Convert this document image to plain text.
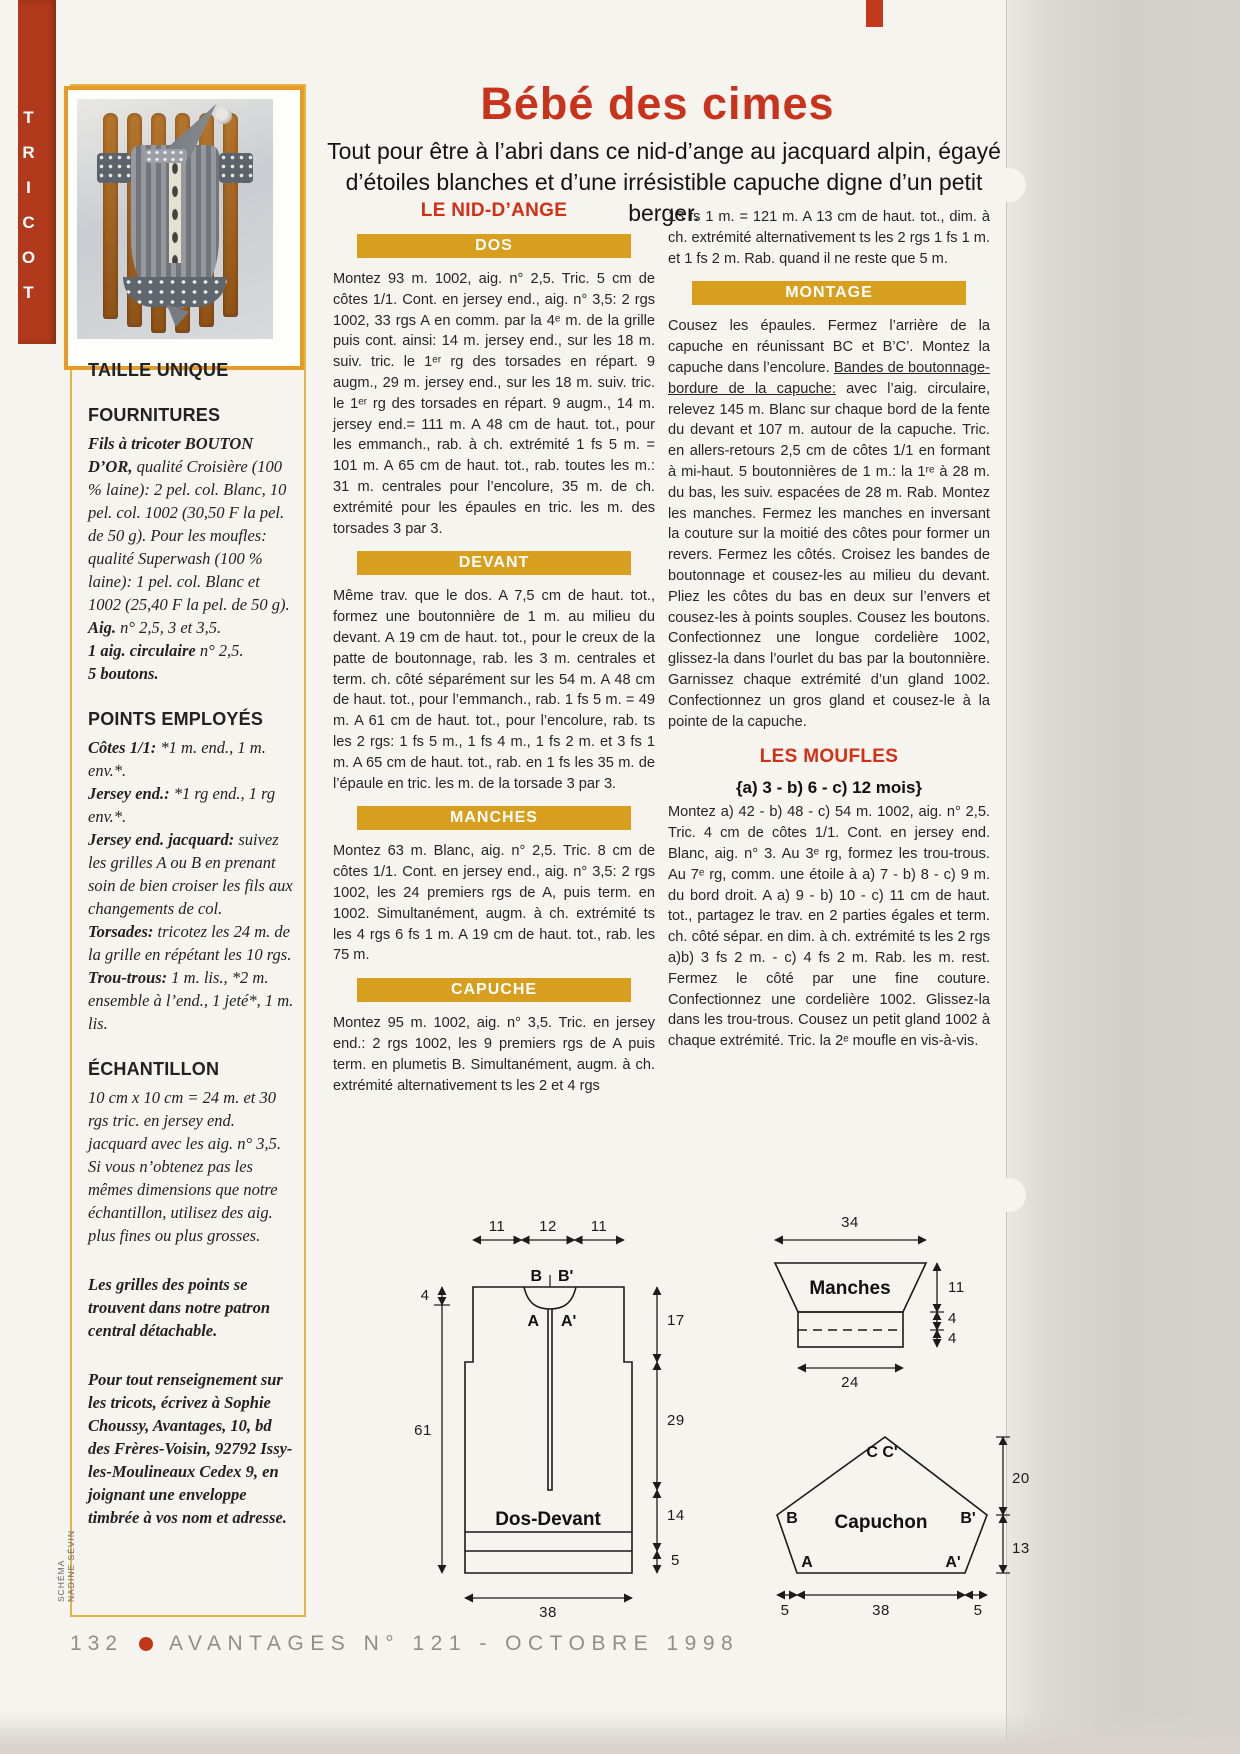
TRICOT
TAILLE UNIQUE
FOURNITURES

Fils à tricoter BOUTON D’OR, qualité Croisière (100 % laine): 2 pel. col. Blanc, 10 pel. col. 1002 (30,50 F la pel. de 50 g). Pour les moufles: qualité Superwash (100 % laine): 1 pel. col. Blanc et 1002 (25,40 F la pel. de 50 g).

Aig. n° 2,5, 3 et 3,5.

1 aig. circulaire n° 2,5.

5 boutons.

POINTS EMPLOYÉS

Côtes 1/1: *1 m. end., 1 m. env.*.

Jersey end.: *1 rg end., 1 rg env.*.

Jersey end. jacquard: suivez les grilles A ou B en prenant soin de bien croiser les fils aux changements de col.

Torsades: tricotez les 24 m. de la grille en répétant les 10 rgs.

Trou-trous: 1 m. lis., *2 m. ensemble à l’end., 1 jeté*, 1 m. lis.

ÉCHANTILLON

10 cm x 10 cm = 24 m. et 30 rgs tric. en jersey end. jacquard avec les aig. n° 3,5. Si vous n’obtenez pas les mêmes dimensions que notre échantillon, utilisez des aig. plus fines ou plus grosses.

Les grilles des points se trouvent dans notre patron central détachable.

Pour tout renseignement sur les tricots, écrivez à Sophie Choussy, Avantages, 10, bd des Frères-Voisin, 92792 Issy-les-Moulineaux Cedex 9, en joignant une enveloppe timbrée à vos nom et adresse.

SCHÉMA NADINE SÉVIN
Bébé des cimes
Tout pour être à l’abri dans ce nid-d’ange au jacquard alpin, égayé
d’étoiles blanches et d’une irrésistible capuche digne d’un petit berger.
LE NID-D’ANGE
DOS

Montez 93 m. 1002, aig. n° 2,5. Tric. 5 cm de côtes 1/1. Cont. en jersey end., aig. n° 3,5: 2 rgs 1002, 33 rgs A en comm. par la 4ᵉ m. de la grille puis cont. ainsi: 14 m. jersey end., sur les 18 m. suiv. tric. le 1ᵉʳ rg des torsades en répart. 9 augm., 29 m. jersey end., sur les 18 m. suiv. tric. le 1ᵉʳ rg des torsades en répart. 9 augm., 14 m. jersey end.= 111 m. A 48 cm de haut. tot., pour les emmanch., rab. à ch. extrémité 1 fs 5 m. = 101 m. A 65 cm de haut. tot., rab. toutes les m.: 31 m. centrales pour l’encolure, 35 m. de ch. extrémité pour les épaules en tric. les m. des torsades 3 par 3.

DEVANT

Même trav. que le dos. A 7,5 cm de haut. tot., formez une boutonnière de 1 m. au milieu du devant. A 19 cm de haut. tot., pour le creux de la patte de boutonnage, rab. les 3 m. centrales et term. ch. côté séparément sur les 54 m. A 48 cm de haut. tot., pour l’emmanch., rab. 1 fs 5 m. = 49 m. A 61 cm de haut. tot., pour l’encolure, rab. ts les 2 rgs: 1 fs 5 m., 1 fs 4 m., 1 fs 2 m. et 3 fs 1 m. A 65 cm de haut. tot., rab. en 1 fs les 35 m. de l’épaule en tric. les m. de la torsade 3 par 3.

MANCHES

Montez 63 m. Blanc, aig. n° 2,5. Tric. 8 cm de côtes 1/1. Cont. en jersey end., aig. n° 3,5: 2 rgs 1002, les 24 premiers rgs de A, puis term. en 1002. Simultanément, augm. à ch. extrémité ts les 4 rgs 6 fs 1 m. A 19 cm de haut. tot., rab. les 75 m.

CAPUCHE

Montez 95 m. 1002, aig. n° 3,5. Tric. en jersey end.: 2 rgs 1002, les 9 premiers rgs de A puis term. en plumetis B. Simultanément, augm. à ch. extrémité alternativement ts les 2 et 4 rgs

13 fs 1 m. = 121 m. A 13 cm de haut. tot., dim. à ch. extrémité alternativement ts les 2 rgs 1 fs 1 m. et 1 fs 2 m. Rab. quand il ne reste que 5 m.

MONTAGE

Cousez les épaules. Fermez l’arrière de la capuche en réunissant BC et B’C’. Montez la capuche dans l’encolure. Bandes de boutonnage-bordure de la capuche: avec l’aig. circulaire, relevez 145 m. Blanc sur chaque bord de la fente du devant et 107 m. autour de la capuche. Tric. en allers-retours 2,5 cm de côtes 1/1 en formant à mi-haut. 5 boutonnières de 1 m.: la 1ʳᵉ à 28 m. du bas, les suiv. espacées de 28 m. Rab. Montez les manches. Fermez les manches en inversant la couture sur la moitié des côtes pour former un revers. Fermez les côtés. Croisez les bandes de boutonnage et cousez-les au milieu du devant. Pliez les côtes du bas en deux sur l’envers et cousez-les à points souples. Cousez les boutons. Confectionnez une longue cordelière 1002, glissez-la dans l’ourlet du bas par la boutonnière. Garnissez chaque extrémité d’un gland 1002. Confectionnez un gros gland et cousez-le à la pointe de la capuche.

LES MOUFLES
{a) 3 - b) 6 - c) 12 mois}

Montez a) 42 - b) 48 - c) 54 m. 1002, aig. n° 2,5. Tric. 4 cm de côtes 1/1. Cont. en jersey end. Blanc, aig. n° 3. Au 3ᵉ rg, formez les trou-trous. Au 7ᵉ rg, comm. une étoile à a) 7 - b) 8 - c) 9 m. du bord droit. A a) 9 - b) 10 - c) 11 cm de haut. tot., partagez le trav. en 2 parties égales et term. ch. côté sépar. en dim. à ch. extrémité ts les 2 rgs a)b) 3 fs 2 m. - c) 4 fs 2 m. Rab. les m. rest. Fermez le côté par une fine couture. Confectionnez une cordelière 1002. Glissez-la dans les trou-trous. Cousez un petit gland 1002 à chaque extrémité. Tric. la 2ᵉ moufle en vis-à-vis.

11 12 11
4
61
17
29
14
5
38
B B'
A A'
Dos-Devant
34
Manches	11
4
4
24
C C'
B	B'
A	A'
Capuchon
20
13
5	38	5
132 AVANTAGES N° 121 - OCTOBRE 1998
